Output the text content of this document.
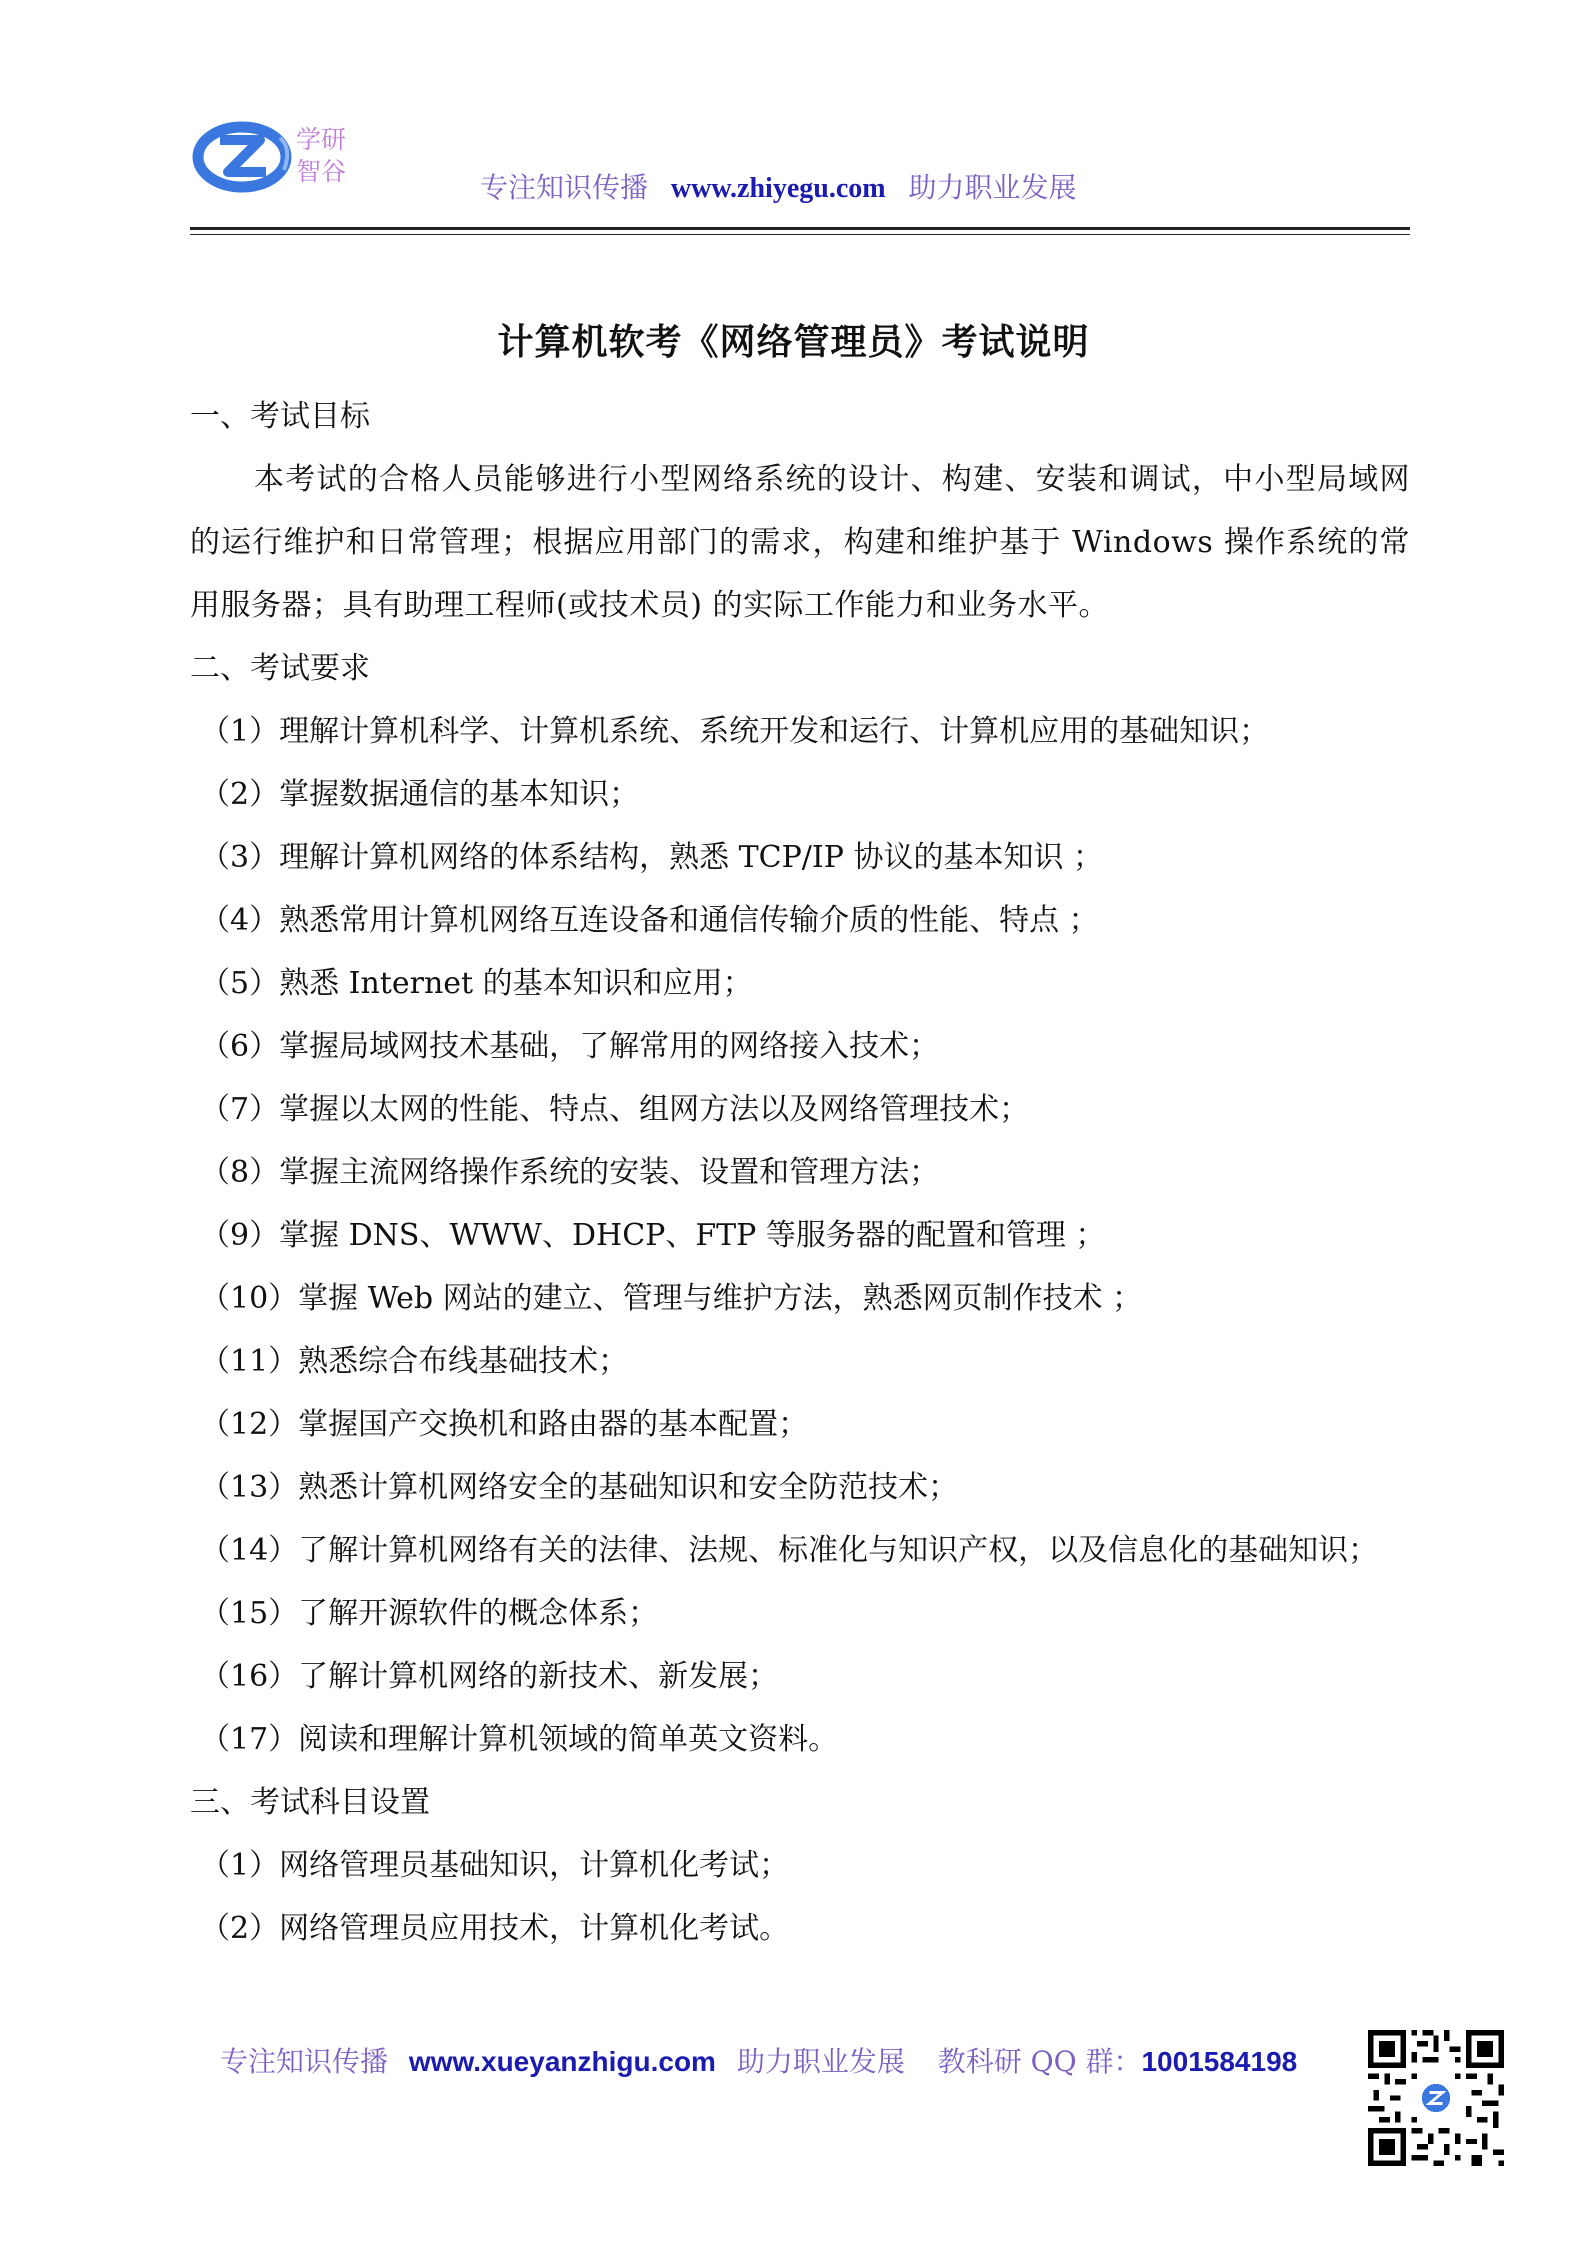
学研
智谷	专注知识传播 www.zhiyegu.com 助力职业发展
计算机软考《网络管理员》考试说明
一、考试目标
本考试的合格人员能够进行小型网络系统的设计、构建、安装和调试，中小型局域网的运行维护和日常管理；根据应用部门的需求，构建和维护基于 Windows 操作系统的常用服务器；具有助理工程师(或技术员) 的实际工作能力和业务水平。
二、考试要求
（1）理解计算机科学、计算机系统、系统开发和运行、计算机应用的基础知识；
（2）掌握数据通信的基本知识；
（3）理解计算机网络的体系结构，熟悉 TCP/IP 协议的基本知识 ；
（4）熟悉常用计算机网络互连设备和通信传输介质的性能、特点 ；
（5）熟悉 Internet 的基本知识和应用；
（6）掌握局域网技术基础，了解常用的网络接入技术；
（7）掌握以太网的性能、特点、组网方法以及网络管理技术；
（8）掌握主流网络操作系统的安装、设置和管理方法；
（9）掌握 DNS、WWW、DHCP、FTP 等服务器的配置和管理 ；
（10）掌握 Web 网站的建立、管理与维护方法，熟悉网页制作技术 ；
（11）熟悉综合布线基础技术；
（12）掌握国产交换机和路由器的基本配置；
（13）熟悉计算机网络安全的基础知识和安全防范技术；
（14）了解计算机网络有关的法律、法规、标准化与知识产权，以及信息化的基础知识；
（15）了解开源软件的概念体系；
（16）了解计算机网络的新技术、新发展；
（17）阅读和理解计算机领域的简单英文资料。
三、考试科目设置
（1）网络管理员基础知识，计算机化考试；
（2）网络管理员应用技术，计算机化考试。
专注知识传播 www.xueyanzhigu.com 助力职业发展 教科研 QQ 群：1001584198
